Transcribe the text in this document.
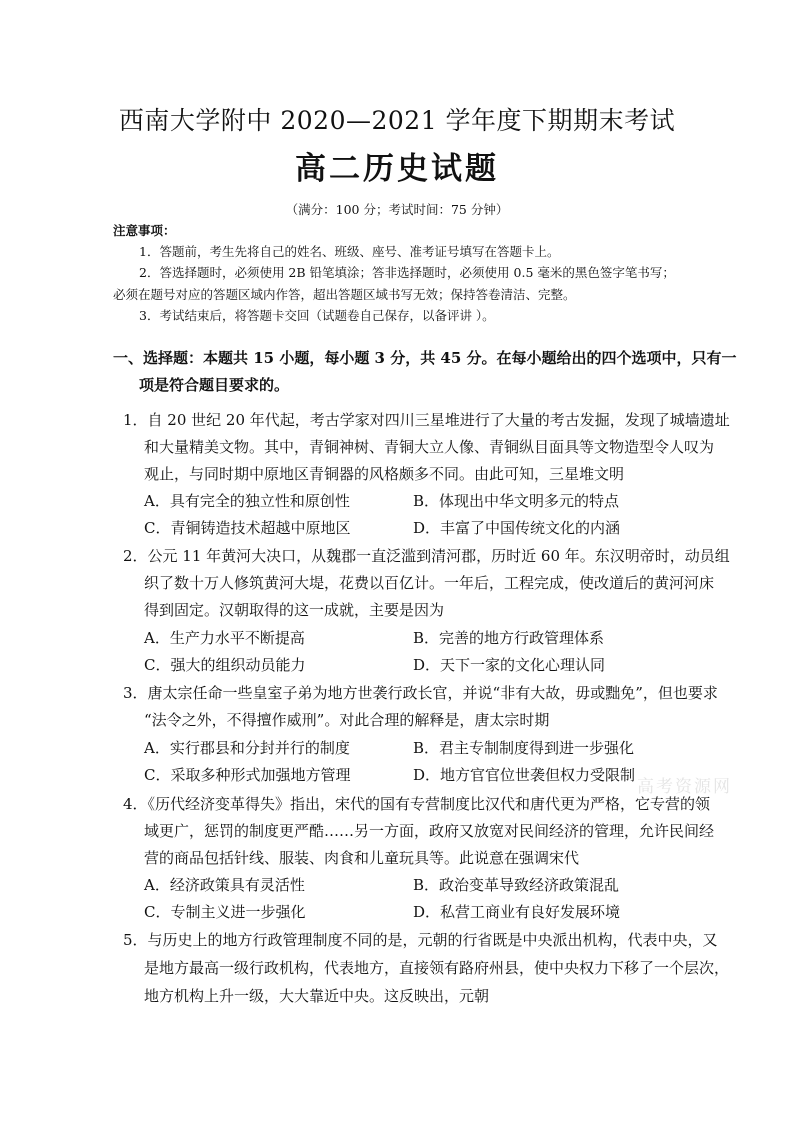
西南大学附中 2020—2021 学年度下期期末考试
高二历史试题
（满分：100 分；考试时间：75 分钟）
注意事项：
1．答题前，考生先将自己的姓名、班级、座号、准考证号填写在答题卡上。
2．答选择题时，必须使用 2B 铅笔填涂；答非选择题时，必须使用 0.5 毫米的黑色签字笔书写；
必须在题号对应的答题区域内作答，超出答题区域书写无效；保持答卷清洁、完整。
3．考试结束后，将答题卡交回（试题卷自己保存，以备评讲 ）。
一、选择题：本题共 15 小题，每小题 3 分，共 45 分。在每小题给出的四个选项中，只有一
项是符合题目要求的。
1．自 20 世纪 20 年代起，考古学家对四川三星堆进行了大量的考古发掘，发现了城墙遗址
和大量精美文物。其中，青铜神树、青铜大立人像、青铜纵目面具等文物造型令人叹为
观止，与同时期中原地区青铜器的风格颇多不同。由此可知，三星堆文明
A．具有完全的独立性和原创性	B．体现出中华文明多元的特点
C．青铜铸造技术超越中原地区	D．丰富了中国传统文化的内涵
2．公元 11 年黄河大决口，从魏郡一直泛滥到清河郡，历时近 60 年。东汉明帝时，动员组
织了数十万人修筑黄河大堤，花费以百亿计。一年后，工程完成，使改道后的黄河河床
得到固定。汉朝取得的这一成就，主要是因为
A．生产力水平不断提高	B．完善的地方行政管理体系
C．强大的组织动员能力	D．天下一家的文化心理认同
3．唐太宗任命一些皇室子弟为地方世袭行政长官，并说“非有大故，毋或黜免”，但也要求
“法令之外，不得擅作威刑”。对此合理的解释是，唐太宗时期
A．实行郡县和分封并行的制度	B．君主专制制度得到进一步强化
C．采取多种形式加强地方管理	D．地方官官位世袭但权力受限制
4．《历代经济变革得失》指出，宋代的国有专营制度比汉代和唐代更为严格，它专营的领
域更广，惩罚的制度更严酷……另一方面，政府又放宽对民间经济的管理，允许民间经
营的商品包括针线、服装、肉食和儿童玩具等。此说意在强调宋代
A．经济政策具有灵活性	B．政治变革导致经济政策混乱
C．专制主义进一步强化	D．私营工商业有良好发展环境
5．与历史上的地方行政管理制度不同的是，元朝的行省既是中央派出机构，代表中央，又
是地方最高一级行政机构，代表地方，直接领有路府州县，使中央权力下移了一个层次，
地方机构上升一级，大大靠近中央。这反映出，元朝
高考资源网
